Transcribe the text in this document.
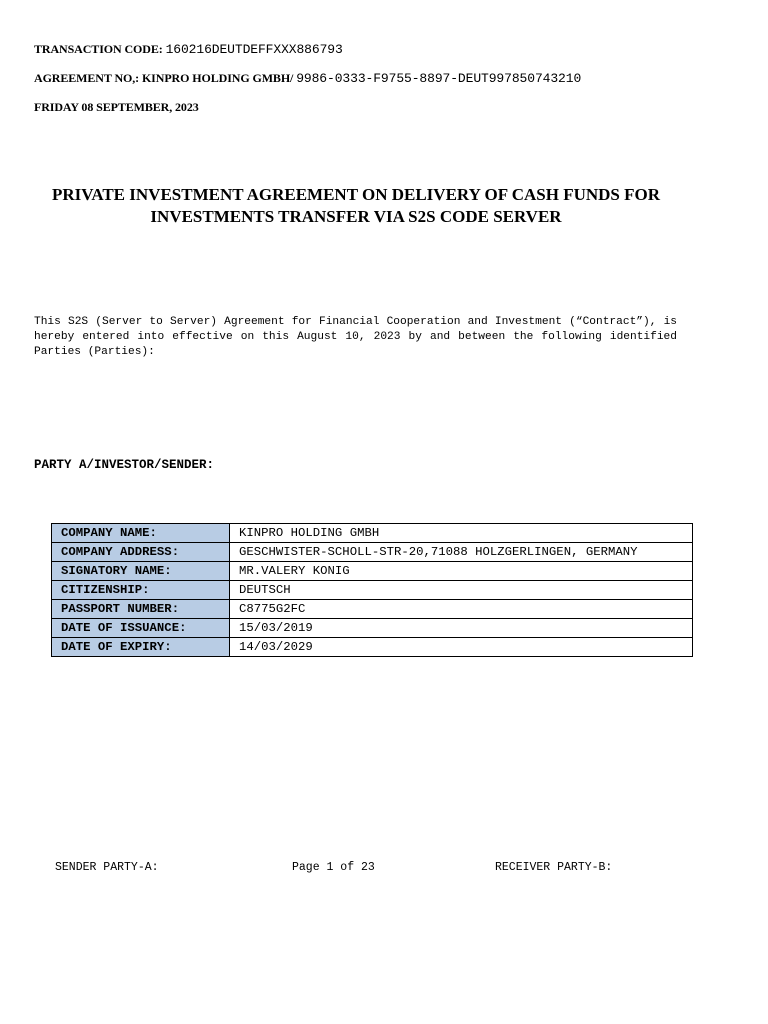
TRANSACTION CODE: 160216DEUTDEFFXXX886793
AGREEMENT NO,: KINPRO HOLDING GMBH/ 9986-0333-F9755-8897-DEUT997850743210
FRIDAY 08 SEPTEMBER, 2023
PRIVATE INVESTMENT AGREEMENT ON DELIVERY OF CASH FUNDS FOR
INVESTMENTS TRANSFER VIA S2S CODE SERVER
This S2S (Server to Server) Agreement for Financial Cooperation and Investment (“Contract”), is hereby entered into effective on this August 10, 2023 by and between the following identified Parties (Parties):
PARTY A/INVESTOR/SENDER:
COMPANY NAME:	KINPRO HOLDING GMBH
COMPANY ADDRESS:	GESCHWISTER-SCHOLL-STR-20,71088 HOLZGERLINGEN, GERMANY
SIGNATORY NAME:	MR.VALERY KONIG
CITIZENSHIP:	DEUTSCH
PASSPORT NUMBER:	C8775G2FC
DATE OF ISSUANCE:	15/03/2019
DATE OF EXPIRY:	14/03/2029
SENDER PARTY-A:	Page 1 of 23	RECEIVER PARTY-B:
